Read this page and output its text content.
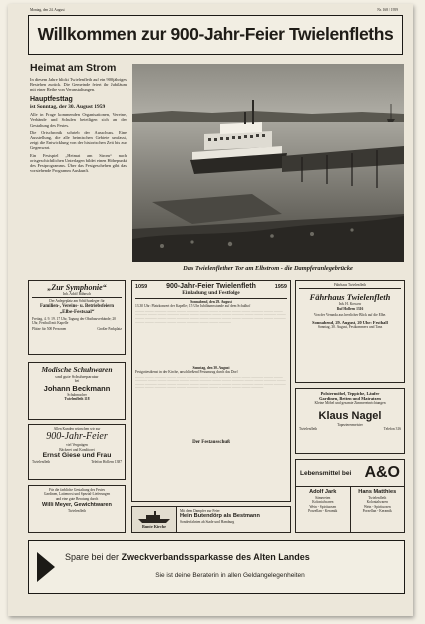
Montag, den 24. August	Nr. 168 / 1959
Willkommen zur 900-Jahr-Feier Twielenfleths
Heimat am Strom
In diesem Jahre blickt Twielenfleth auf ein 900jähriges Bestehen zurück. Die Gemeinde feiert ihr Jubiläum mit einer Reihe von Veranstaltungen.
Hauptfesttag
ist Sonntag, der 30. August 1959
Alle in Frage kommenden Organisationen, Vereine, Verbände und Schulen beteiligen sich an der Gestaltung des Festes.
Die Ortschronik schrieb der Ausschuss. Eine Ausstellung, die alle heimischen Gebiete umfasst, zeigt die Entwicklung von der historischen Zeit bis zur Gegenwart.
Ein Festspiel „Heimat am Strom“ nach ortsgeschichtlichen Unterlagen bildet einen Höhepunkt des Festprogramms. Über das Festgeschehen gibt das vorstehende Programm Auskunft.
Das Twielenflether Tor am Elbstrom - die Dampferanlegebrücke
„Zur Symphonie“
Inh. Adolf Bähnsch
Der Anlegeplatz am Schiffsanleger für
Familien-, Vereins- u. Betriebsfeiern
„Elbe-Festsaal“
Freitag, 4. 9. 19. 17 Uhr, Tagung der Obstbauverbände; 20 Uhr, Festball mit Kapelle
Plätze für 500 Personen	Großer Parkplatz
Modische Schuhwaren
und gute Schuhreparatur
bei
Johann Beckmann
Schuhmacher
Twielenfleth 118
Allen Kunden wünschen wir zur
900-Jahr-Feier
viel Vergnügen
Bäckerei und Konditorei
Ernst Giese und Frau
Twielenfleth	Telefon Hollern 1387
Für die farbliche Gestaltung des Festes
Gardinen, Lattenrost und Spezial-Lieferungen
und eine gute Beratung durch
Willi Meyer, Gewichtwaren
Twielenfleth
1059	900-Jahr-Feier Twielenfleth	1959
Einladung und Festfolge
Sonnabend, den 29. August
13.30 Uhr: Platzkonzert der Kapelle; 15 Uhr Jubiläumsstunde auf dem Schulhof
——— ——— ———— ——— ——— ———— ——— ——— ———— ——— ——— ———— ——— ——— ———— ——— ——— ———— ——— ——— ———— ——— ——— ———— ——— ——— ———— ——— ——— ———— ——— ——— ———— ——— ——— ———— ——— ——— ———— ——— ——— ———— ——— ——— ———— ——— ——— ———— ——— ——— ————
Sonntag, den 30. August
Festgottesdienst in der Kirche, anschließend Festumzug durch das Dorf
——— ——— ———— ——— ——— ———— ——— ——— ———— ——— ——— ———— ——— ——— ———— ——— ——— ———— ——— ——— ———— ——— ——— ———— ——— ——— ———— ——— ——— ———— ——— ——— ———— ——— ——— ———— ——— ——— ———— ——— ——— ———— ——— ——— ———— ——— ——— ———— ——— ——— ———— ——— ——— ————
Der Festausschuß
Bunte Kirche
Mit dem Dampfer zur Feier
Hein Butendörp als Bestmann
Sonderfahrten ab Stade und Hamburg
Fährhaus Twielenfleth
Fährhaus Twielenfleth
Inh. H. Kossow
Ruf Hollern 1316
Von der Veranda aus herrlicher Blick auf die Elbe.
Sonnabend, 29. August, 20 Uhr: Festball
Sonntag, 30. August, Festkommers und Tanz
Polstermöbel, Teppiche, Läufer
Gardinen, Betten und Matratzen
Kleine Möbel und gesamte Zimmereinrichtungen
Klaus Nagel
Tapezierermeister
Twielenfleth	Telefon 316
Lebensmittel bei A&O
Adolf Jark
Sämereien
Kolonialwaren
Wein - Spirituosen
Porzellan - Keramik
Hans Matthies
Twielenfleth
Kolonialwaren
Wein - Spirituosen
Porzellan - Keramik
Spare bei der Zweckverbandssparkasse des Alten Landes
Sie ist deine Beraterin in allen Geldangelegenheiten
